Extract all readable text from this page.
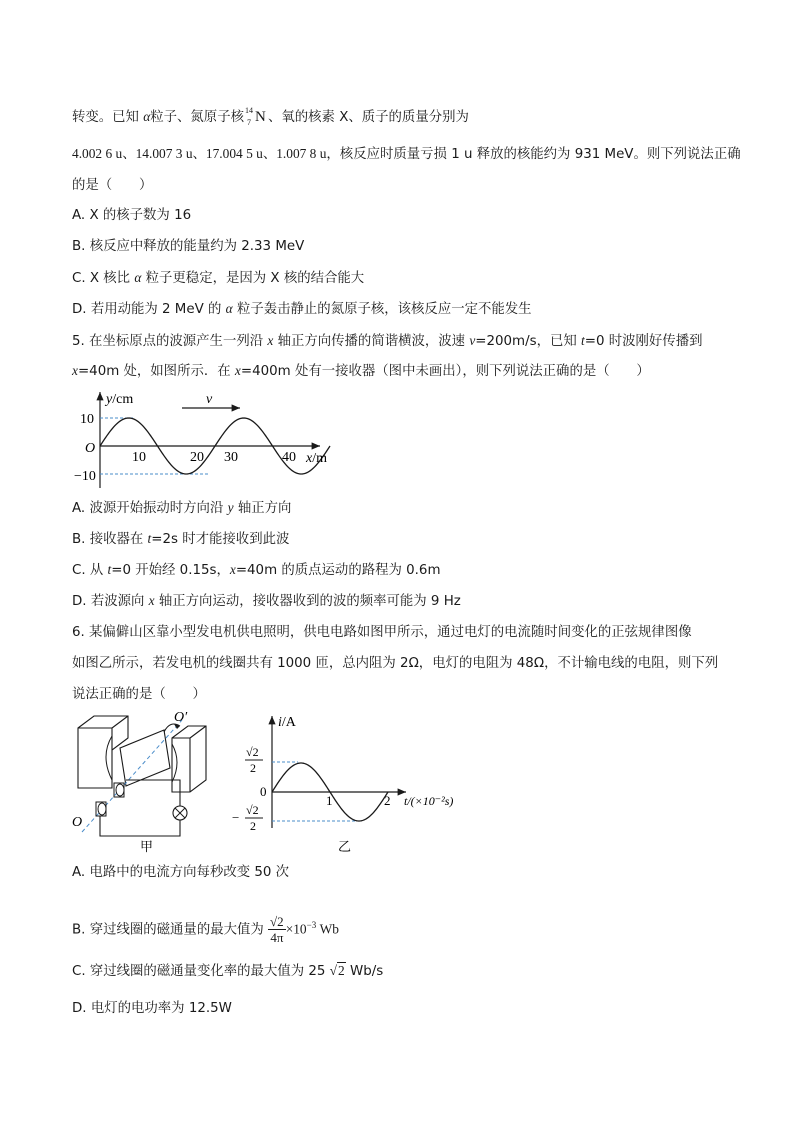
转变。已知 α粒子、氮原子核 14
7 N 、氧的核素 X、质子的质量分别为
4.002 6 u、14.007 3 u、17.004 5 u、1.007 8 u，核反应时质量亏损 1 u 释放的核能约为 931 MeV。则下列说法正确
的是（　　）
A. X 的核子数为 16
B. 核反应中释放的能量约为 2.33 MeV
C. X 核比 α 粒子更稳定，是因为 X 核的结合能大
D. 若用动能为 2 MeV 的 α 粒子轰击静止的氮原子核，该核反应一定不能发生
5. 在坐标原点的波源产生一列沿 x 轴正方向传播的简谐横波，波速 v=200m/s，已知 t=0 时波刚好传播到
x=40m 处，如图所示．在 x=400m 处有一接收器（图中未画出），则下列说法正确的是（　　）
v
y/cm
10
O
−10
10	20 30	40 x/m
A. 波源开始振动时方向沿 y 轴正方向
B. 接收器在 t=2s 时才能接收到此波
C. 从 t=0 开始经 0.15s，x=40m 的质点运动的路程为 0.6m
D. 若波源向 x 轴正方向运动，接收器收到的波的频率可能为 9 Hz
6. 某偏僻山区靠小型发电机供电照明，供电电路如图甲所示，通过电灯的电流随时间变化的正弦规律图像
如图乙所示，若发电机的线圈共有 1000 匝，总内阻为 2Ω，电灯的电阻为 48Ω，不计输电线的电阻，则下列
说法正确的是（　　）
O′
O
甲
i/A
√2
2
0
− √2
2
1	2 t/(×10⁻²s)
乙
A. 电路中的电流方向每秒改变 50 次
B. 穿过线圈的磁通量的最大值为 $\frac{√2}{4\pi} \times 10^{-3}$ Wb
C. 穿过线圈的磁通量变化率的最大值为 25 √2 Wb/s
D. 电灯的电功率为 12.5W
